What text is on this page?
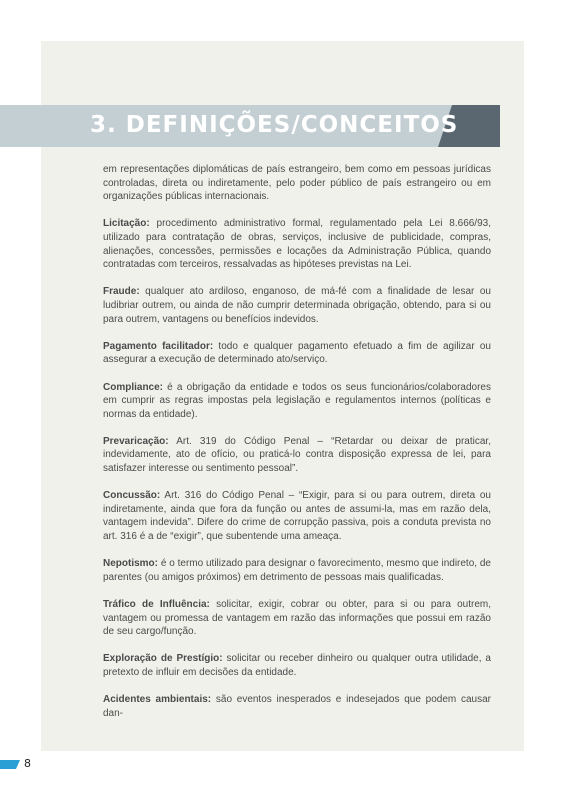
3. DEFINIÇÕES/CONCEITOS

em representações diplomáticas de país estrangeiro, bem como em pessoas jurídicas controladas, direta ou indiretamente, pelo poder público de país estrangeiro ou em organizações públicas internacionais.

Licitação: procedimento administrativo formal, regulamentado pela Lei 8.666/93, utilizado para contratação de obras, serviços, inclusive de publicidade, compras, alienações, concessões, permissões e locações da Administração Pública, quando contratadas com terceiros, ressalvadas as hipóteses previstas na Lei.

Fraude: qualquer ato ardiloso, enganoso, de má-fé com a finalidade de lesar ou ludibriar outrem, ou ainda de não cumprir determinada obrigação, obtendo, para si ou para outrem, vantagens ou benefícios indevidos.

Pagamento facilitador: todo e qualquer pagamento efetuado a fim de agilizar ou assegurar a execução de determinado ato/serviço.

Compliance: é a obrigação da entidade e todos os seus funcionários/colaboradores em cumprir as regras impostas pela legislação e regulamentos internos (políticas e normas da entidade).

Prevaricação: Art. 319 do Código Penal – “Retardar ou deixar de praticar, indevidamente, ato de ofício, ou praticá-lo contra disposição expressa de lei, para satisfazer interesse ou sentimento pessoal”.

Concussão: Art. 316 do Código Penal – “Exigir, para si ou para outrem, direta ou indiretamente, ainda que fora da função ou antes de assumi-la, mas em razão dela, vantagem indevida”. Difere do crime de corrupção passiva, pois a conduta prevista no art. 316 é a de “exigir”, que subentende uma ameaça.

Nepotismo: é o termo utilizado para designar o favorecimento, mesmo que indireto, de parentes (ou amigos próximos) em detrimento de pessoas mais qualificadas.

Tráfico de Influência: solicitar, exigir, cobrar ou obter, para si ou para outrem, vantagem ou promessa de vantagem em razão das informações que possui em razão de seu cargo/função.

Exploração de Prestígio: solicitar ou receber dinheiro ou qualquer outra utilidade, a pretexto de influir em decisões da entidade.

Acidentes ambientais: são eventos inesperados e indesejados que podem causar dan-

8
